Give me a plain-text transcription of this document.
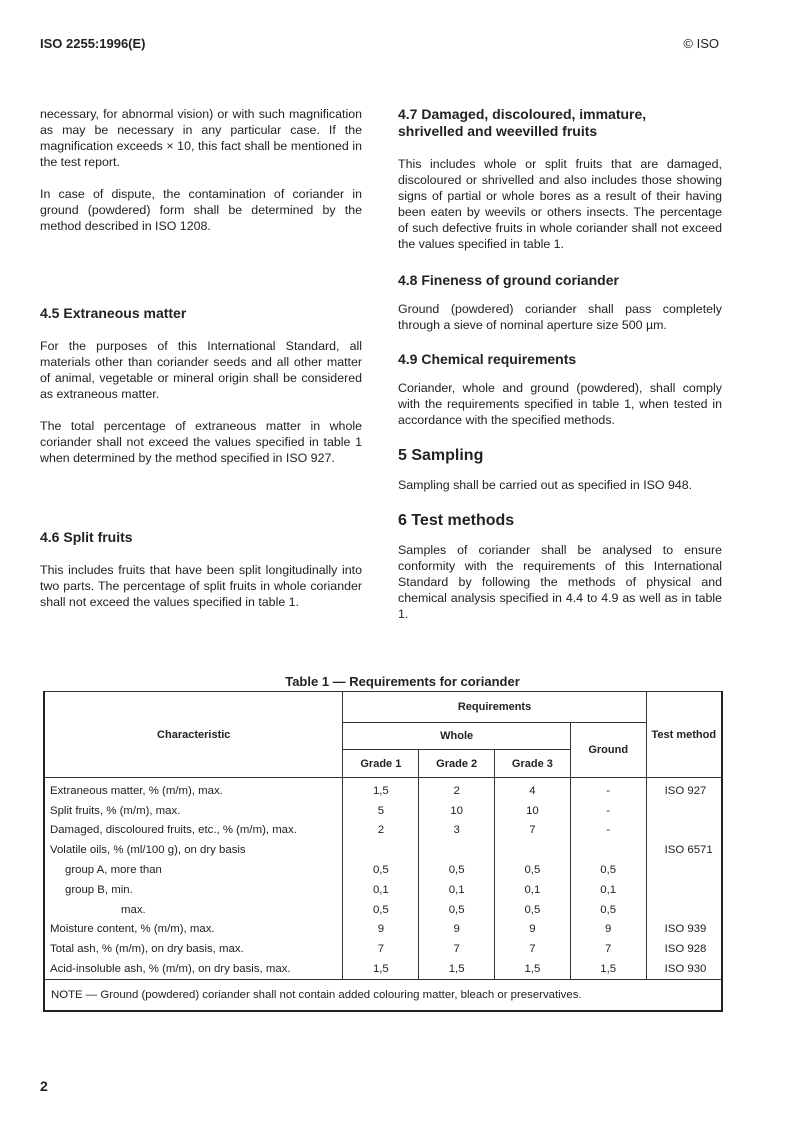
ISO 2255:1996(E)	© ISO

necessary, for abnormal vision) or with such magnification as may be necessary in any particular case. If the magnification exceeds × 10, this fact shall be mentioned in the test report.

In case of dispute, the contamination of coriander in ground (powdered) form shall be determined by the method described in ISO 1208.

4.5 Extraneous matter

For the purposes of this International Standard, all materials other than coriander seeds and all other matter of animal, vegetable or mineral origin shall be considered as extraneous matter.

The total percentage of extraneous matter in whole coriander shall not exceed the values specified in table 1 when determined by the method specified in ISO 927.

4.6 Split fruits

This includes fruits that have been split longitudinally into two parts. The percentage of split fruits in whole coriander shall not exceed the values specified in table 1.

4.7 Damaged, discoloured, immature,
shrivelled and weevilled fruits

This includes whole or split fruits that are damaged, discoloured or shrivelled and also includes those showing signs of partial or whole bores as a result of their having been eaten by weevils or others insects. The percentage of such defective fruits in whole coriander shall not exceed the values specified in table 1.

4.8 Fineness of ground coriander

Ground (powdered) coriander shall pass completely through a sieve of nominal aperture size 500 µm.

4.9 Chemical requirements

Coriander, whole and ground (powdered), shall comply with the requirements specified in table 1, when tested in accordance with the specified methods.

5 Sampling

Sampling shall be carried out as specified in ISO 948.

6 Test methods

Samples of coriander shall be analysed to ensure conformity with the requirements of this International Standard by following the methods of physical and chemical analysis specified in 4.4 to 4.9 as well as in table 1.

Table 1 — Requirements for coriander
Characteristic	Requirements				Test method
	Whole			Ground	
	Grade 1	Grade 2	Grade 3		
Extraneous matter, % (m/m), max.	1,5	2	4	-	ISO 927
Split fruits, % (m/m), max.	5	10	10	-	
Damaged, discoloured fruits, etc., % (m/m), max.	2	3	7	-	
Volatile oils, % (ml/100 g), on dry basis					ISO 6571
group A, more than	0,5	0,5	0,5	0,5	
group B, min.	0,1	0,1	0,1	0,1	
max.	0,5	0,5	0,5	0,5	
Moisture content, % (m/m), max.	9	9	9	9	ISO 939
Total ash, % (m/m), on dry basis, max.	7	7	7	7	ISO 928
Acid-insoluble ash, % (m/m), on dry basis, max.	1,5	1,5	1,5	1,5	ISO 930
NOTE — Ground (powdered) coriander shall not contain added colouring matter, bleach or preservatives.					
2
